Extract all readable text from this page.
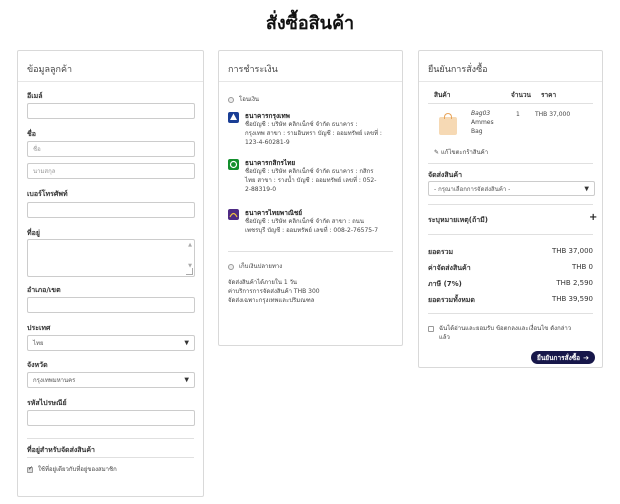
สั่งซื้อสินค้า
ข้อมูลลูกค้า
อีเมล์
ชื่อ
ชื่อ
นามสกุล
เบอร์โทรศัพท์
ที่อยู่
▲
▼
อำเภอ/เขต
ประเทศ
ไทย	▼
จังหวัด
กรุงเทพมหานคร	▼
รหัสไปรษณีย์
ที่อยู่สำหรับจัดส่งสินค้า
✓
ใช้ที่อยู่เดียวกับที่อยู่ของสมาชิก
การชำระเงิน
โอนเงิน
ธนาคารกรุงเทพ
ชื่อบัญชี : บริษัท คลิกเน็กซ์ จำกัด ธนาคาร :
กรุงเทพ สาขา : รามอินทรา บัญชี : ออมทรัพย์ เลขที่ :
123-4-60281-9
ธนาคารกสิกรไทย
ชื่อบัญชี : บริษัท คลิกเน็กซ์ จำกัด ธนาคาร : กสิกร
ไทย สาขา : รางน้ำ บัญชี : ออมทรัพย์ เลขที่ : 052-
2-88319-0
ธนาคารไทยพาณิชย์
ชื่อบัญชี : บริษัท คลิกเน็กซ์ จำกัด สาขา : ถนน
เพชรบุรี บัญชี : ออมทรัพย์ เลขที่ : 008-2-76575-7
เก็บเงินปลายทาง
จัดส่งสินค้าได้ภายใน 1 วัน
ค่าบริการการจัดส่งสินค้า THB 300
จัดส่งเฉพาะกรุงเทพและปริมณฑล
ยืนยันการสั่งซื้อ
สินค้า	จำนวน ราคา
Bag03
Ammes
Bag
1	THB 37,000
✎ แก้ไขตะกร้าสินค้า
จัดส่งสินค้า
- กรุณาเลือกการจัดส่งสินค้า -	▼
ระบุหมายเหตุ(ถ้ามี)	+
ยอดรวม	THB 37,000
ค่าจัดส่งสินค้า	THB 0
ภาษี (7%)	THB 2,590
ยอดรวมทั้งหมด	THB 39,590
ฉันได้อ่านและยอมรับ ข้อตกลงและเงื่อนไข ดังกล่าว
แล้ว
ยืนยันการสั่งซื้อ ➔
